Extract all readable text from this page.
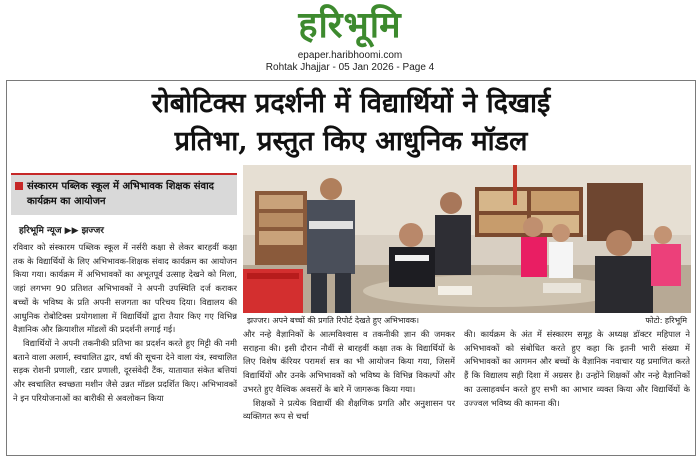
हरिभूमि
epaper.haribhoomi.com
Rohtak Jhajjar - 05 Jan 2026 - Page 4
रोबोटिक्स प्रदर्शनी में विद्यार्थियों ने दिखाई
प्रतिभा, प्रस्तुत किए आधुनिक मॉडल
संस्कारम पब्लिक स्कूल में अभिभावक शिक्षक संवाद कार्यक्रम का आयोजन
हरिभूमि न्यूज ▶▶ झज्जर

रविवार को संस्कारम पब्लिक स्कूल में नर्सरी कक्षा से लेकर बारहवीं कक्षा तक के विद्यार्थियों के लिए अभिभावक-शिक्षक संवाद कार्यक्रम का आयोजन किया गया। कार्यक्रम में अभिभावकों का अभूतपूर्व उत्साह देखने को मिला, जहां लगभग 90 प्रतिशत अभिभावकों ने अपनी उपस्थिति दर्ज कराकर बच्चों के भविष्य के प्रति अपनी सजगता का परिचय दिया। विद्यालय की आधुनिक रोबोटिक्स प्रयोगशाला में विद्यार्थियों द्वारा तैयार किए गए विभिन्न वैज्ञानिक और क्रियाशील मॉडलों की प्रदर्शनी लगाई गई।

विद्यार्थियों ने अपनी तकनीकी प्रतिभा का प्रदर्शन करते हुए मिट्टी की नमी बताने वाला अलार्म, स्वचालित द्वार, वर्षा की सूचना देने वाला यंत्र, स्वचालित सड़क रोशनी प्रणाली, रडार प्रणाली, दूरसंवेदी टैंक, यातायात संकेत बत्तियां और स्वचालित स्वच्छता मशीन जैसे उन्नत मॉडल प्रदर्शित किए। अभिभावकों ने इन परियोजनाओं का बारीकी से अवलोकन किया

झज्जर। अपने बच्चों की प्रगति रिपोर्ट देखते हुए अभिभावक।	फोटो: हरिभूमि

और नन्हे वैज्ञानिकों के आत्मविश्वास व तकनीकी ज्ञान की जमकर सराहना की। इसी दौरान नौवीं से बारहवीं कक्षा तक के विद्यार्थियों के लिए विशेष कॅरियर परामर्श सत्र का भी आयोजन किया गया, जिसमें विद्यार्थियों और उनके अभिभावकों को भविष्य के विभिन्न विकल्पों और उभरते हुए वैश्विक अवसरों के बारे में जागरूक किया गया।

शिक्षकों ने प्रत्येक विद्यार्थी की शैक्षणिक प्रगति और अनुशासन पर व्यक्तिगत रूप से चर्चा

की। कार्यक्रम के अंत में संस्कारम समूह के अध्यक्ष डॉक्टर महिपाल ने अभिभावकों को संबोधित करते हुए कहा कि इतनी भारी संख्या में अभिभावकों का आगमन और बच्चों के वैज्ञानिक नवाचार यह प्रमाणित करते हैं कि विद्यालय सही दिशा में अग्रसर है। उन्होंने शिक्षकों और नन्हे वैज्ञानिकों का उत्साहवर्धन करते हुए सभी का आभार व्यक्त किया और विद्यार्थियों के उज्ज्वल भविष्य की कामना की।
